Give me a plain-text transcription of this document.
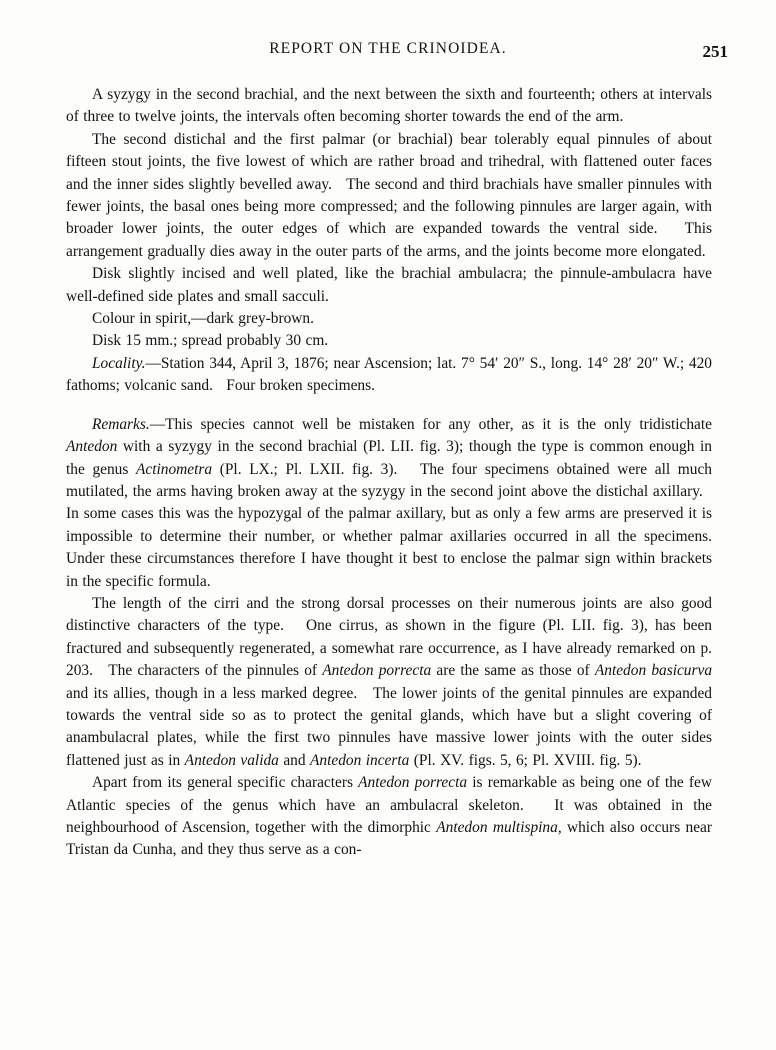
REPORT ON THE CRINOIDEA.	251

A syzygy in the second brachial, and the next between the sixth and fourteenth; others at intervals of three to twelve joints, the intervals often becoming shorter towards the end of the arm.

The second distichal and the first palmar (or brachial) bear tolerably equal pinnules of about fifteen stout joints, the five lowest of which are rather broad and trihedral, with flattened outer faces and the inner sides slightly bevelled away.   The second and third brachials have smaller pinnules with fewer joints, the basal ones being more compressed; and the following pinnules are larger again, with broader lower joints, the outer edges of which are expanded towards the ventral side.   This arrangement gradually dies away in the outer parts of the arms, and the joints become more elongated.

Disk slightly incised and well plated, like the brachial ambulacra; the pinnule-ambulacra have well-defined side plates and small sacculi.

Colour in spirit,—dark grey-brown.

Disk 15 mm.; spread probably 30 cm.

Locality.—Station 344, April 3, 1876; near Ascension; lat. 7° 54′ 20″ S., long. 14° 28′ 20″ W.; 420 fathoms; volcanic sand.   Four broken specimens.

Remarks.—This species cannot well be mistaken for any other, as it is the only tridistichate Antedon with a syzygy in the second brachial (Pl. LII. fig. 3); though the type is common enough in the genus Actinometra (Pl. LX.; Pl. LXII. fig. 3).   The four specimens obtained were all much mutilated, the arms having broken away at the syzygy in the second joint above the distichal axillary.   In some cases this was the hypozygal of the palmar axillary, but as only a few arms are preserved it is impossible to determine their number, or whether palmar axillaries occurred in all the specimens. Under these circumstances therefore I have thought it best to enclose the palmar sign within brackets in the specific formula.

The length of the cirri and the strong dorsal processes on their numerous joints are also good distinctive characters of the type.   One cirrus, as shown in the figure (Pl. LII. fig. 3), has been fractured and subsequently regenerated, a somewhat rare occurrence, as I have already remarked on p. 203.   The characters of the pinnules of Antedon porrecta are the same as those of Antedon basicurva and its allies, though in a less marked degree.   The lower joints of the genital pinnules are expanded towards the ventral side so as to protect the genital glands, which have but a slight covering of anambulacral plates, while the first two pinnules have massive lower joints with the outer sides flattened just as in Antedon valida and Antedon incerta (Pl. XV. figs. 5, 6; Pl. XVIII. fig. 5).

Apart from its general specific characters Antedon porrecta is remarkable as being one of the few Atlantic species of the genus which have an ambulacral skeleton.   It was obtained in the neighbourhood of Ascension, together with the dimorphic Antedon multispina, which also occurs near Tristan da Cunha, and they thus serve as a con-
